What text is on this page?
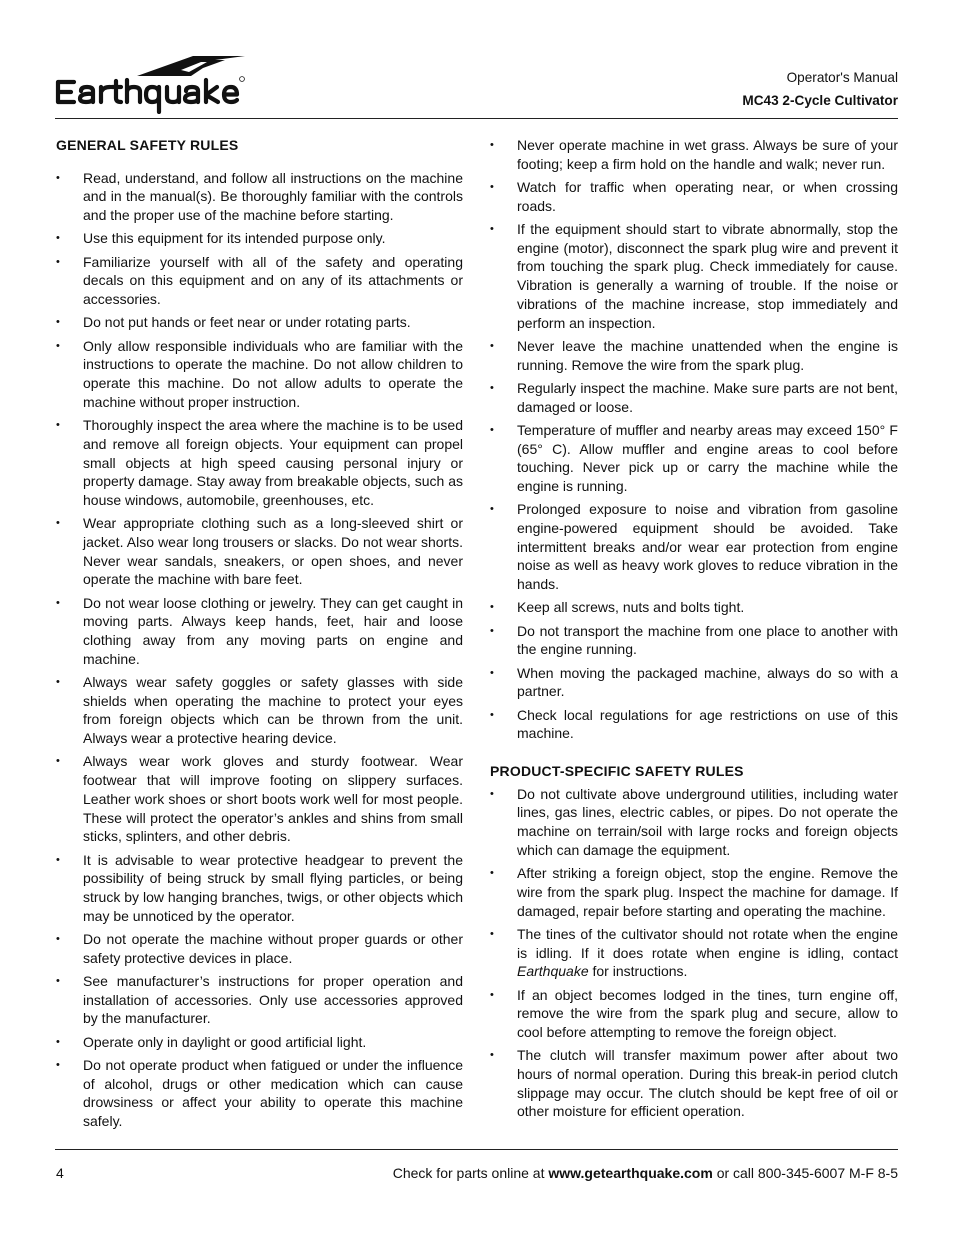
Operator's Manual
MC43 2-Cycle Cultivator
GENERAL SAFETY RULES
• Read, understand, and follow all instructions on the machine and in the manual(s). Be thoroughly familiar with the controls and the proper use of the machine before starting.
• Use this equipment for its intended purpose only.
• Familiarize yourself with all of the safety and operating decals on this equipment and on any of its attachments or accessories.
• Do not put hands or feet near or under rotating parts.
• Only allow responsible individuals who are familiar with the instructions to operate the machine. Do not allow children to operate this machine. Do not allow adults to operate the machine without proper instruction.
• Thoroughly inspect the area where the machine is to be used and remove all foreign objects. Your equipment can propel small objects at high speed causing personal injury or property damage. Stay away from breakable objects, such as house windows, automobile, greenhouses, etc.
• Wear appropriate clothing such as a long-sleeved shirt or jacket. Also wear long trousers or slacks. Do not wear shorts. Never wear sandals, sneakers, or open shoes, and never operate the machine with bare feet.
• Do not wear loose clothing or jewelry. They can get caught in moving parts. Always keep hands, feet, hair and loose clothing away from any moving parts on engine and machine.
• Always wear safety goggles or safety glasses with side shields when operating the machine to protect your eyes from foreign objects which can be thrown from the unit. Always wear a protective hearing device.
• Always wear work gloves and sturdy footwear. Wear footwear that will improve footing on slippery surfaces. Leather work shoes or short boots work well for most people. These will protect the operator’s ankles and shins from small sticks, splinters, and other debris.
• It is advisable to wear protective headgear to prevent the possibility of being struck by small flying particles, or being struck by low hanging branches, twigs, or other objects which may be unnoticed by the operator.
• Do not operate the machine without proper guards or other safety protective devices in place.
• See manufacturer’s instructions for proper operation and installation of accessories. Only use accessories approved by the manufacturer.
• Operate only in daylight or good artificial light.
• Do not operate product when fatigued or under the influence of alcohol, drugs or other medication which can cause drowsiness or affect your ability to operate this machine safely.
• Never operate machine in wet grass. Always be sure of your footing; keep a firm hold on the handle and walk; never run.
• Watch for traffic when operating near, or when crossing roads.
• If the equipment should start to vibrate abnormally, stop the engine (motor), disconnect the spark plug wire and prevent it from touching the spark plug. Check immediately for cause. Vibration is generally a warning of trouble. If the noise or vibrations of the machine increase, stop immediately and perform an inspection.
• Never leave the machine unattended when the engine is running. Remove the wire from the spark plug.
• Regularly inspect the machine. Make sure parts are not bent, damaged or loose.
• Temperature of muffler and nearby areas may exceed 150° F (65° C). Allow muffler and engine areas to cool before touching. Never pick up or carry the machine while the engine is running.
• Prolonged exposure to noise and vibration from gasoline engine-powered equipment should be avoided. Take intermittent breaks and/or wear ear protection from engine noise as well as heavy work gloves to reduce vibration in the hands.
• Keep all screws, nuts and bolts tight.
• Do not transport the machine from one place to another with the engine running.
• When moving the packaged machine, always do so with a partner.
• Check local regulations for age restrictions on use of this machine.
PRODUCT-SPECIFIC SAFETY RULES
• Do not cultivate above underground utilities, including water lines, gas lines, electric cables, or pipes. Do not operate the machine on terrain/soil with large rocks and foreign objects which can damage the equipment.
• After striking a foreign object, stop the engine. Remove the wire from the spark plug. Inspect the machine for damage. If damaged, repair before starting and operating the machine.
• The tines of the cultivator should not rotate when the engine is idling. If it does rotate when engine is idling, contact Earthquake for instructions.
• If an object becomes lodged in the tines, turn engine off, remove the wire from the spark plug and secure, allow to cool before attempting to remove the foreign object.
• The clutch will transfer maximum power after about two hours of normal operation. During this break-in period clutch slippage may occur. The clutch should be kept free of oil or other moisture for efficient operation.
4	Check for parts online at www.getearthquake.com or call 800-345-6007 M-F 8-5
